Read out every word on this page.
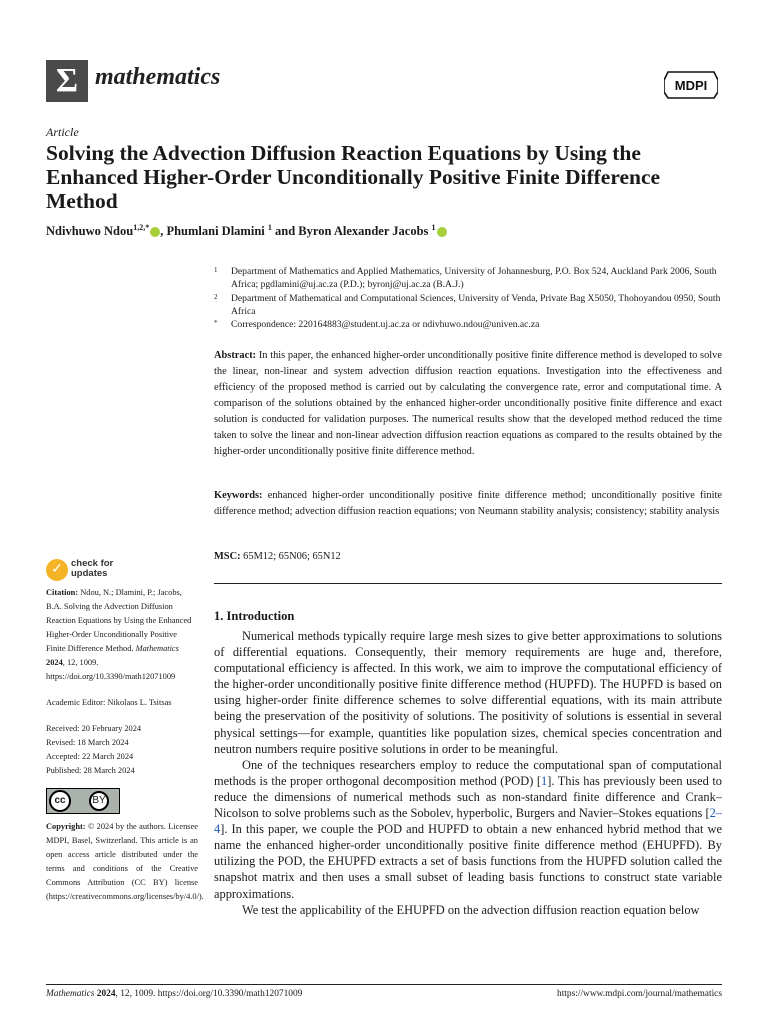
Σ mathematics	MDPI
Article
Solving the Advection Diffusion Reaction Equations by Using the Enhanced Higher-Order Unconditionally Positive Finite Difference Method
Ndivhuwo Ndou$^{1,2,*}$ , Phumlani Dlamini $^1$ and Byron Alexander Jacobs $^1$
1	Department of Mathematics and Applied Mathematics, University of Johannesburg, P.O. Box 524, Auckland Park 2006, South Africa; pgdlamini@uj.ac.za (P.D.); byronj@uj.ac.za (B.A.J.)
2	Department of Mathematical and Computational Sciences, University of Venda, Private Bag X5050, Thohoyandou 0950, South Africa
*	Correspondence: 220164883@student.uj.ac.za or ndivhuwo.ndou@univen.ac.za

Abstract: In this paper, the enhanced higher-order unconditionally positive finite difference method is developed to solve the linear, non-linear and system advection diffusion reaction equations. Investigation into the effectiveness and efficiency of the proposed method is carried out by calculating the convergence rate, error and computational time. A comparison of the solutions obtained by the enhanced higher-order unconditionally positive finite difference and exact solution is conducted for validation purposes. The numerical results show that the developed method reduced the time taken to solve the linear and non-linear advection diffusion reaction equations as compared to the results obtained by the higher-order unconditionally positive finite difference method.

Keywords: enhanced higher-order unconditionally positive finite difference method; unconditionally positive finite difference method; advection diffusion reaction equations; von Neumann stability analysis; consistency; stability analysis

MSC: 65M12; 65N06; 65N12

✓ check for
updates

Citation: Ndou, N.; Dlamini, P.; Jacobs, B.A. Solving the Advection Diffusion Reaction Equations by Using the Enhanced Higher-Order Unconditionally Positive Finite Difference Method. Mathematics 2024, 12, 1009. https://doi.org/10.3390/math12071009

Academic Editor: Nikolaos L. Tsitsas

Received: 20 February 2024

Revised: 18 March 2024

Accepted: 22 March 2024

Published: 28 March 2024

cc	BY

Copyright: © 2024 by the authors. Licensee MDPI, Basel, Switzerland. This article is an open access article distributed under the terms and conditions of the Creative Commons Attribution (CC BY) license (https://creativecommons.org/licenses/by/4.0/).

1. Introduction

Numerical methods typically require large mesh sizes to give better approximations to solutions of differential equations. Consequently, their memory requirements are huge and, therefore, computational efficiency is affected. In this work, we aim to improve the computational efficiency of the higher-order unconditionally positive finite difference method (HUPFD). The HUPFD is based on using higher-order finite difference schemes to solve differential equations, with its main attribute being the preservation of the positivity of solutions. The positivity of solutions is essential in several physical settings—for example, quantities like population sizes, chemical species concentration and neutron numbers require positive solutions in order to be meaningful.

One of the techniques researchers employ to reduce the computational span of computational methods is the proper orthogonal decomposition method (POD) [1]. This has previously been used to reduce the dimensions of numerical methods such as non-standard finite difference and Crank–Nicolson to solve problems such as the Sobolev, hyperbolic, Burgers and Navier–Stokes equations [2–4]. In this paper, we couple the POD and HUPFD to obtain a new enhanced hybrid method that we name the enhanced higher-order unconditionally positive finite difference method (EHUPFD). By utilizing the POD, the EHUPFD extracts a set of basis functions from the HUPFD solution called the snapshot matrix and then uses a small subset of leading basis functions to construct state variable approximations.

We test the applicability of the EHUPFD on the advection diffusion reaction equation below

Mathematics 2024, 12, 1009. https://doi.org/10.3390/math12071009	https://www.mdpi.com/journal/mathematics
